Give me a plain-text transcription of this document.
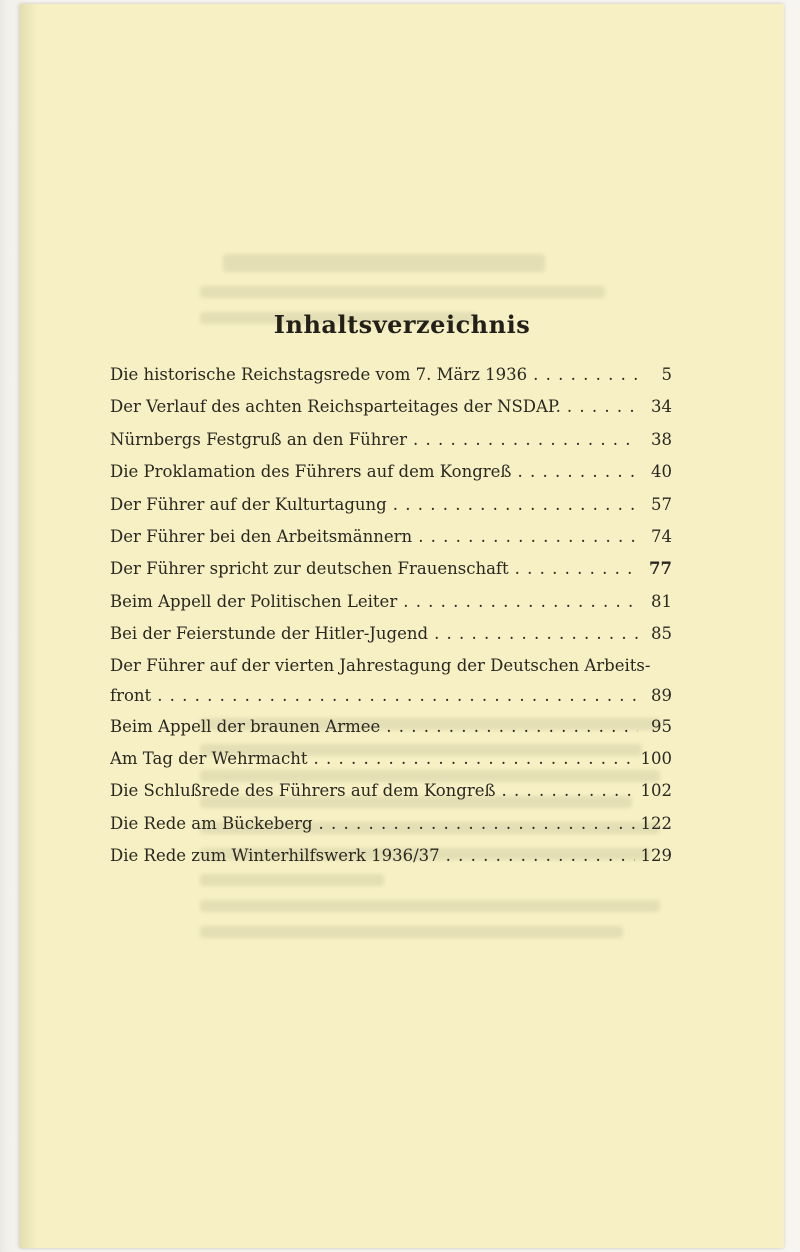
Inhaltsverzeichnis
Die historische Reichstagsrede vom 7. März 1936 . . .	5
Der Verlauf des achten Reichsparteitages der NSDAP. . . .	34
Nürnbergs Festgruß an den Führer . . .	38
Die Proklamation des Führers auf dem Kongreß . . .	40
Der Führer auf der Kulturtagung . . .	57
Der Führer bei den Arbeitsmännern . . .	74
Der Führer spricht zur deutschen Frauenschaft . . .	77
Beim Appell der Politischen Leiter . . .	81
Bei der Feierstunde der Hitler-Jugend . . .	85
Der Führer auf der vierten Jahrestagung der Deutschen Arbeits-
front . . .	89
Beim Appell der braunen Armee . . .	95
Am Tag der Wehrmacht . . .	100
Die Schlußrede des Führers auf dem Kongreß . . .	102
Die Rede am Bückeberg . . .	122
Die Rede zum Winterhilfswerk 1936/37 . . .	129
